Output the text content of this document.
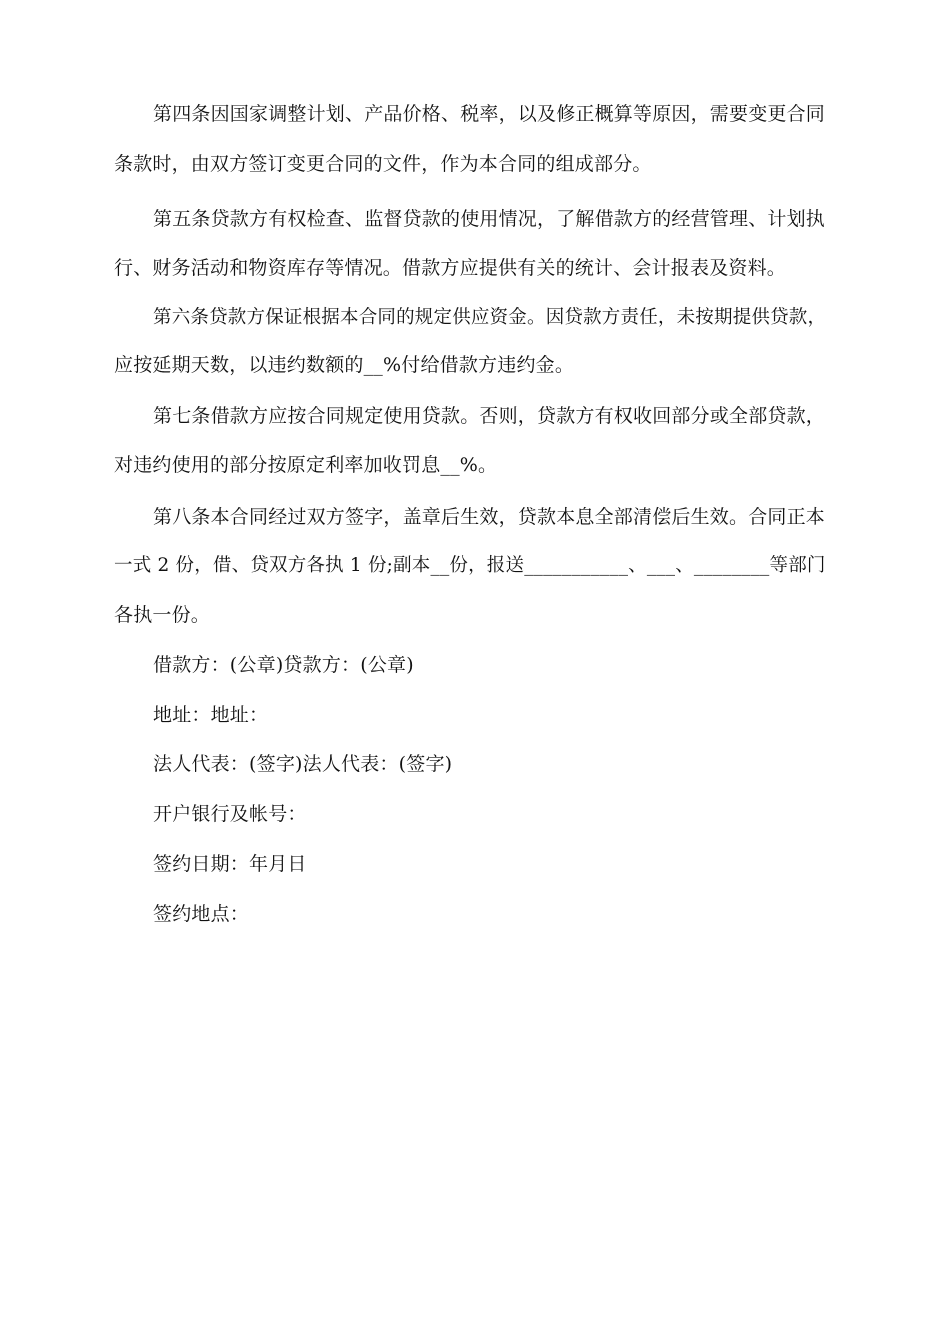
第四条因国家调整计划、产品价格、税率，以及修正概算等原因，需要变更合同
条款时，由双方签订变更合同的文件，作为本合同的组成部分。
第五条贷款方有权检查、监督贷款的使用情况，了解借款方的经营管理、计划执
行、财务活动和物资库存等情况。借款方应提供有关的统计、会计报表及资料。
第六条贷款方保证根据本合同的规定供应资金。因贷款方责任，未按期提供贷款，
应按延期天数，以违约数额的__%付给借款方违约金。
第七条借款方应按合同规定使用贷款。否则，贷款方有权收回部分或全部贷款，
对违约使用的部分按原定利率加收罚息__%。
第八条本合同经过双方签字，盖章后生效，贷款本息全部清偿后生效。合同正本
一式 2 份，借、贷双方各执 1 份;副本__份，报送___________、___、________等部门
各执一份。
借款方：(公章)贷款方：(公章)
地址：地址：
法人代表：(签字)法人代表：(签字)
开户银行及帐号：
签约日期：年月日
签约地点：
